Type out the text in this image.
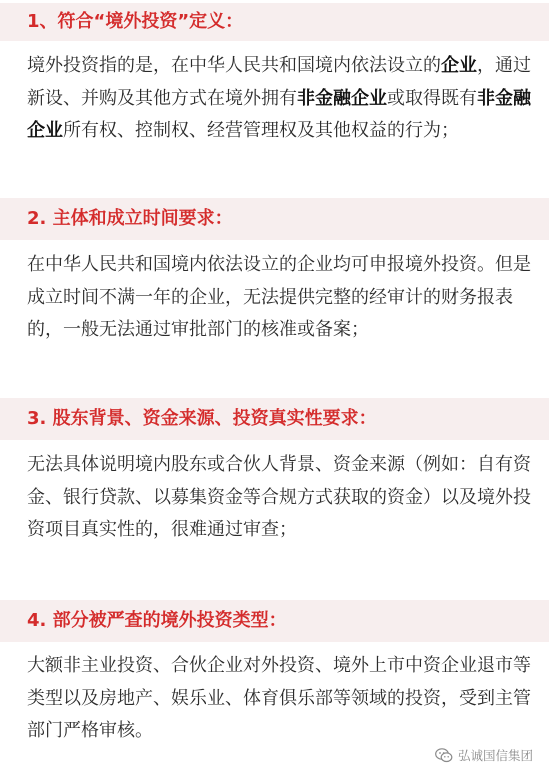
1、符合“境外投资”定义：

境外投资指的是，在中华人民共和国境内依法设立的企业，通过新设、并购及其他方式在境外拥有非金融企业或取得既有非金融企业所有权、控制权、经营管理权及其他权益的行为；

2. 主体和成立时间要求：

在中华人民共和国境内依法设立的企业均可申报境外投资。但是成立时间不满一年的企业，无法提供完整的经审计的财务报表的，一般无法通过审批部门的核准或备案；

3. 股东背景、资金来源、投资真实性要求：

无法具体说明境内股东或合伙人背景、资金来源（例如：自有资金、银行贷款、以募集资金等合规方式获取的资金）以及境外投资项目真实性的，很难通过审查；

4. 部分被严查的境外投资类型：

大额非主业投资、合伙企业对外投资、境外上市中资企业退市等类型以及房地产、娱乐业、体育俱乐部等领域的投资，受到主管部门严格审核。

弘诚国信集团
